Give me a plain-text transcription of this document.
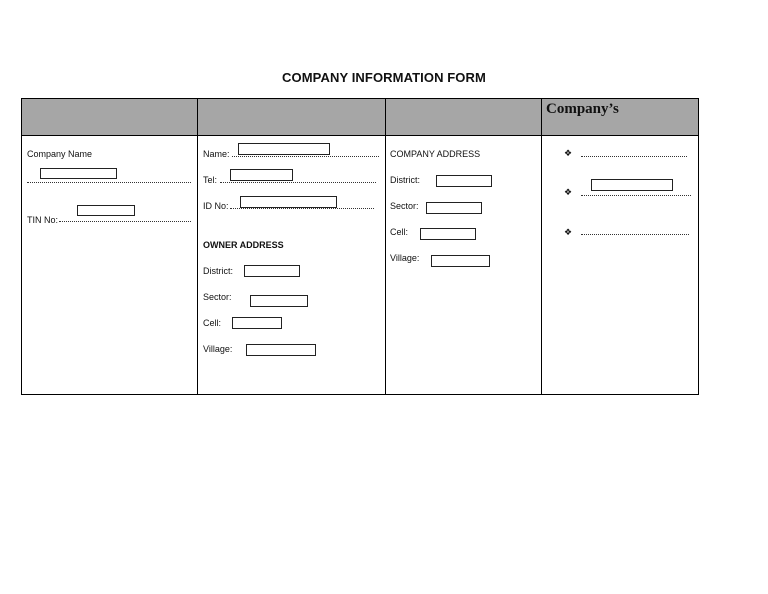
COMPANY INFORMATION FORM
Company’s
Company Name
TIN No:
Name:
Tel:
ID No:
OWNER ADDRESS
District:
Sector:
Cell:
Village:
COMPANY ADDRESS
District:
Sector:
Cell:
Village:
❖
❖
❖
